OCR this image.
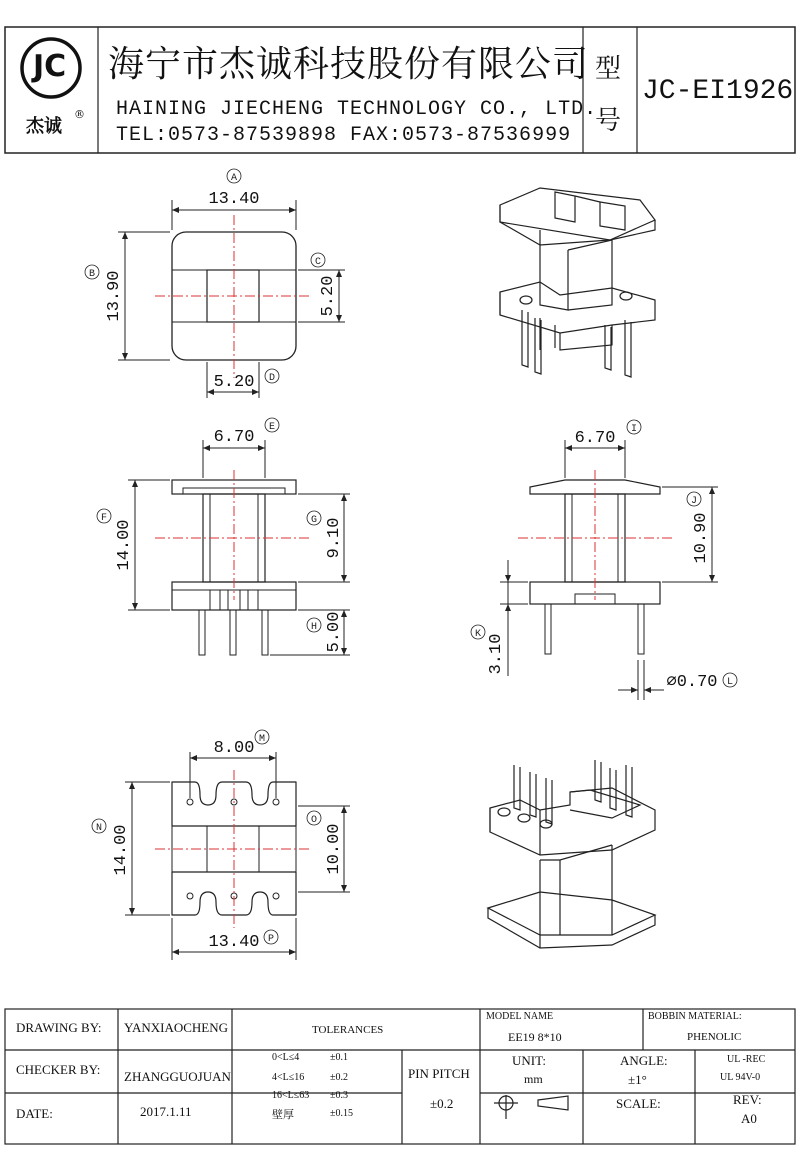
JC
杰诚
®
海宁市杰诚科技股份有限公司
HAINING JIECHENG TECHNOLOGY CO., LTD.
TEL:0573-87539898 FAX:0573-87536999
型
号
JC-EI1926
A
B
C
D
E
F	G
H
I
J
K
L
M
N
O
P
13.40
13.90	5.20
5.20
6.70
14.00	9.10
5.00
6.70
10.90
3.10
⌀0.70
8.00
14.00	10.00
13.40
DRAWING BY: YANXIAOCHENG
CHECKER BY: ZHANGGUOJUAN
DATE:	2017.1.11
TOLERANCES
0<L≤4	±0.1
4<L≤16	±0.2
16<L≤63 ±0.3
壁厚	±0.15
PIN PITCH
±0.2
MODEL NAME
EE19 8*10
BOBBIN MATERIAL:
PHENOLIC
UNIT:
mm
ANGLE:
±1°
UL -REC
UL 94V-0
SCALE:	REV:
A0
